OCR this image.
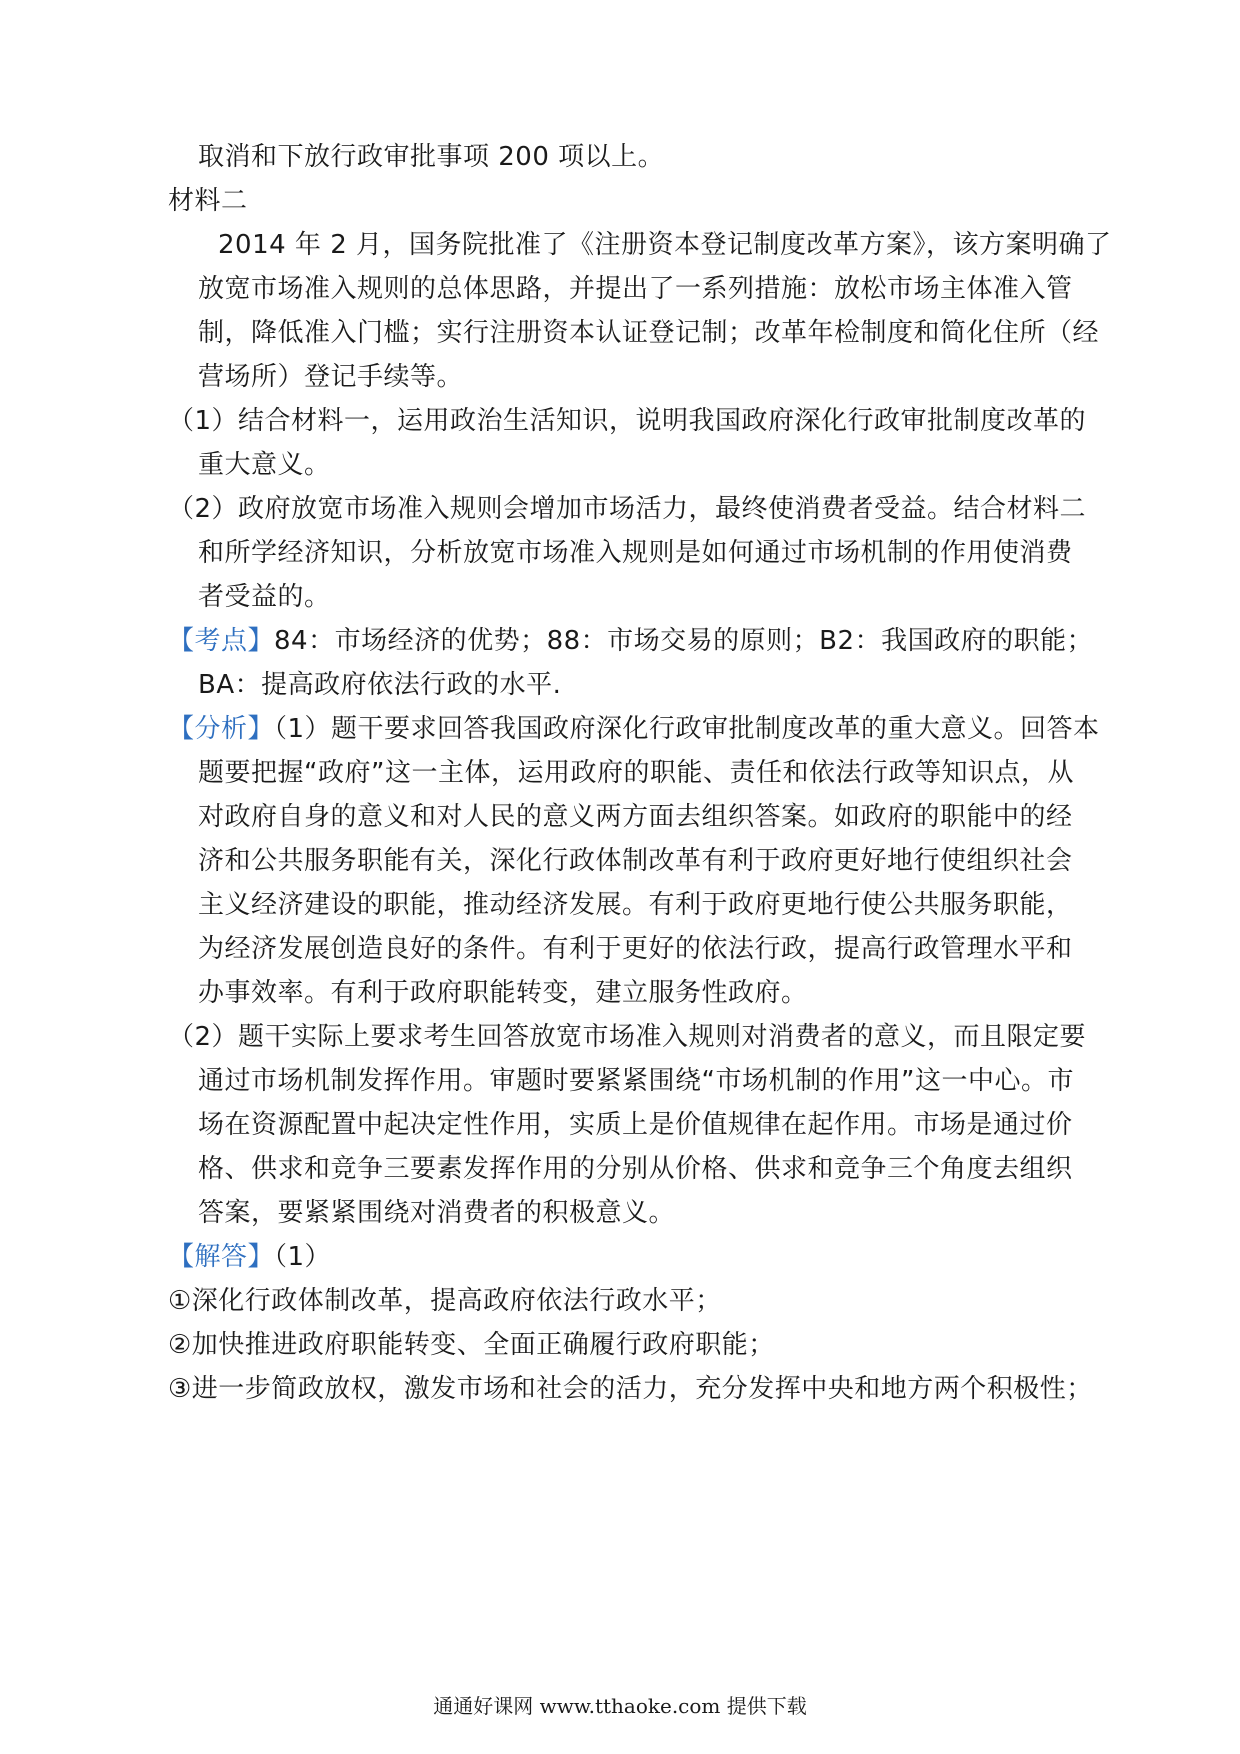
取消和下放行政审批事项 200 项以上。
材料二
2014 年 2 月，国务院批准了《注册资本登记制度改革方案》，该方案明确了
放宽市场准入规则的总体思路，并提出了一系列措施：放松市场主体准入管
制，降低准入门槛；实行注册资本认证登记制；改革年检制度和简化住所（经
营场所）登记手续等。
（1）结合材料一，运用政治生活知识，说明我国政府深化行政审批制度改革的
重大意义。
（2）政府放宽市场准入规则会增加市场活力，最终使消费者受益。结合材料二
和所学经济知识，分析放宽市场准入规则是如何通过市场机制的作用使消费
者受益的。
【考点】84：市场经济的优势；88：市场交易的原则；B2：我国政府的职能；
BA：提高政府依法行政的水平.
【分析】（1）题干要求回答我国政府深化行政审批制度改革的重大意义。回答本
题要把握“政府”这一主体，运用政府的职能、责任和依法行政等知识点，从
对政府自身的意义和对人民的意义两方面去组织答案。如政府的职能中的经
济和公共服务职能有关，深化行政体制改革有利于政府更好地行使组织社会
主义经济建设的职能，推动经济发展。有利于政府更地行使公共服务职能，
为经济发展创造良好的条件。有利于更好的依法行政，提高行政管理水平和
办事效率。有利于政府职能转变，建立服务性政府。
（2）题干实际上要求考生回答放宽市场准入规则对消费者的意义，而且限定要
通过市场机制发挥作用。审题时要紧紧围绕“市场机制的作用”这一中心。市
场在资源配置中起决定性作用，实质上是价值规律在起作用。市场是通过价
格、供求和竞争三要素发挥作用的分别从价格、供求和竞争三个角度去组织
答案，要紧紧围绕对消费者的积极意义。
【解答】（1）
①深化行政体制改革，提高政府依法行政水平；
②加快推进政府职能转变、全面正确履行政府职能；
③进一步简政放权，激发市场和社会的活力，充分发挥中央和地方两个积极性；
通通好课网 www.tthaoke.com 提供下载
